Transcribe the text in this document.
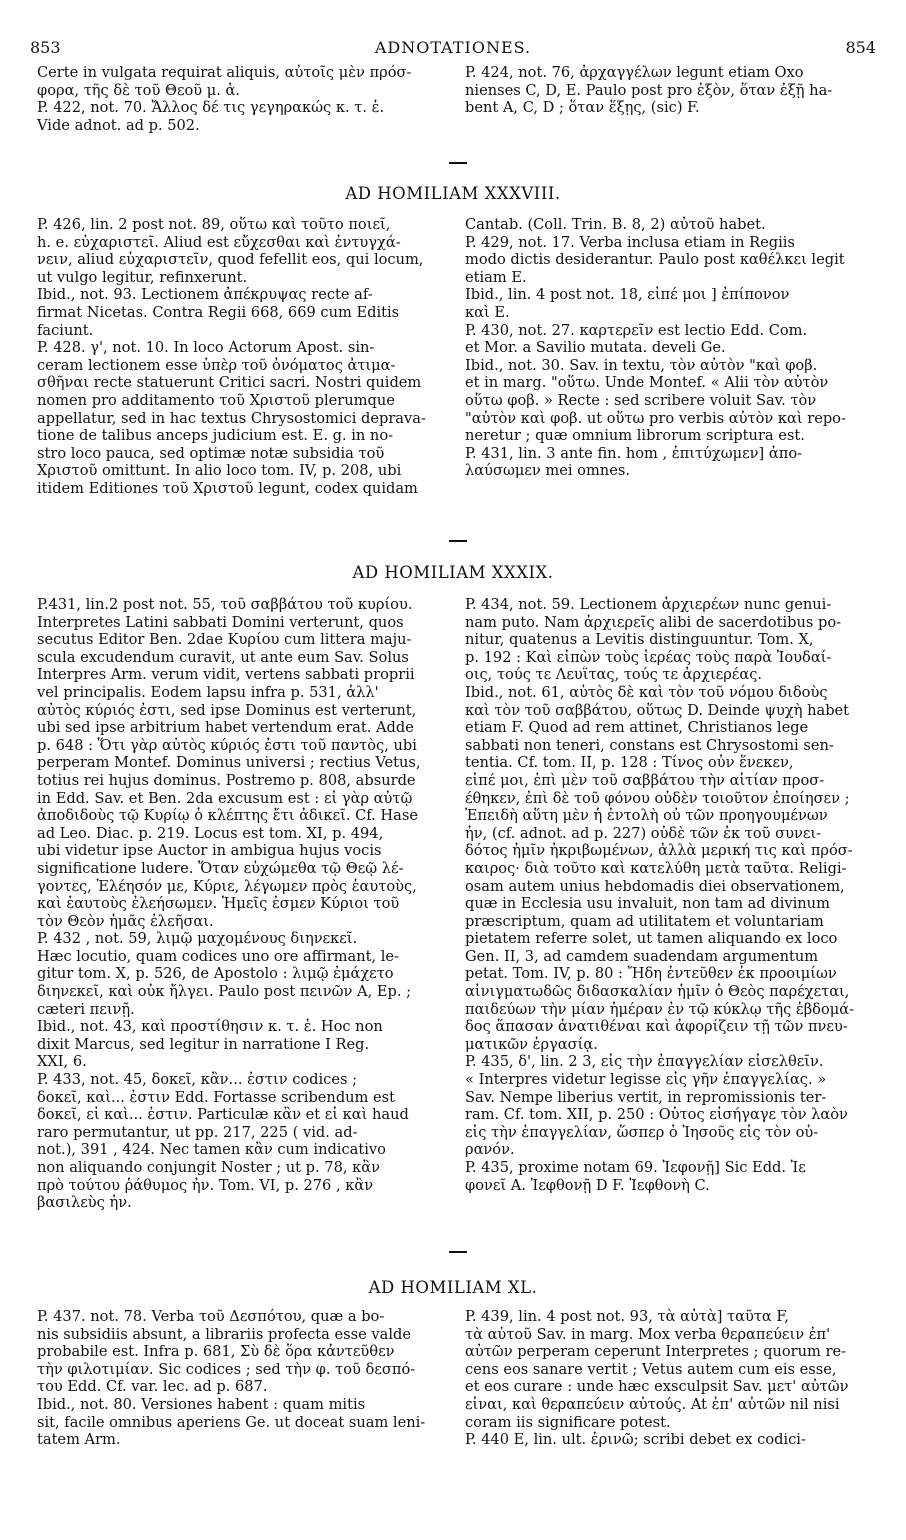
853	ADNOTATIONES.	854
Certe in vulgata requirat aliquis, αὐτοῖς μὲν πρόσ-
φορα, τῆς δὲ τοῦ Θεοῦ μ. ἀ.
P. 422, not. 70. Ἄλλος δέ τις γεγηρακώς κ. τ. ἑ.
Vide adnot. ad p. 502.
P. 424, not. 76, ἀρχαγγέλων legunt etiam Oxo
nienses C, D, E. Paulo post pro ἐξὸν, ὅταν ἐξῇ ha-
bent A, C, D ; ὅταν ἕξῃς, (sic) F.
AD HOMILIAM XXXVIII.
P. 426, lin. 2 post not. 89, οὕτω καὶ τοῦτο ποιεῖ,
h. e. εὐχαριστεῖ. Aliud est εὔχεσθαι καὶ ἐντυγχά-
νειν, aliud εὐχαριστεῖν, quod fefellit eos, qui locum,
ut vulgo legitur, refinxerunt.
Ibid., not. 93. Lectionem ἀπέκρυψας recte af-
firmat Nicetas. Contra Regii 668, 669 cum Editis
faciunt.
P. 428. γ', not. 10. In loco Actorum Apost. sin-
ceram lectionem esse ὑπὲρ τοῦ ὀνόματος ἀτιμα-
σθῆναι recte statuerunt Critici sacri. Nostri quidem
nomen pro additamento τοῦ Χριστοῦ plerumque
appellatur, sed in hac textus Chrysostomici deprava-
tione de talibus anceps judicium est. E. g. in no-
stro loco pauca, sed optimæ notæ subsidia τοῦ
Χριστοῦ omittunt. In alio loco tom. IV, p. 208, ubi
itidem Editiones τοῦ Χριστοῦ legunt, codex quidam
Cantab. (Coll. Trin. B. 8, 2) αὐτοῦ habet.
P. 429, not. 17. Verba inclusa etiam in Regiis
modo dictis desiderantur. Paulo post καθέλκει legit
etiam E.
Ibid., lin. 4 post not. 18, εἰπέ μοι ] ἐπίπονον
καὶ E.
P. 430, not. 27. καρτερεῖν est lectio Edd. Com.
et Mor. a Savilio mutata. develi Ge.
Ibid., not. 30. Sav. in textu, τὸν αὐτὸν "καὶ φοβ.
et in marg. "οὕτω. Unde Montef. « Alii τὸν αὐτὸν
οὕτω φοβ. » Recte : sed scribere voluit Sav. τὸν
"αὐτὸν καὶ φοβ. ut οὕτω pro verbis αὐτὸν καὶ repo-
neretur ; quæ omnium librorum scriptura est.
P. 431, lin. 3 ante fin. hom , ἐπιτύχωμεν] ἀπο-
λαύσωμεν mei omnes.
AD HOMILIAM XXXIX.
P.431, lin.2 post not. 55, τοῦ σαββάτου τοῦ κυρίου.
Interpretes Latini sabbati Domini verterunt, quos
secutus Editor Ben. 2dae Κυρίου cum littera maju-
scula excudendum curavit, ut ante eum Sav. Solus
Interpres Arm. verum vidit, vertens sabbati proprii
vel principalis. Eodem lapsu infra p. 531, ἀλλ'
αὐτὸς κύριός ἐστι, sed ipse Dominus est verterunt,
ubi sed ipse arbitrium habet vertendum erat. Adde
p. 648 : Ὅτι γὰρ αὐτὸς κύριός ἐστι τοῦ παντὸς, ubi
perperam Montef. Dominus universi ; rectius Vetus,
totius rei hujus dominus. Postremo p. 808, absurde
in Edd. Sav. et Ben. 2da excusum est : εἰ γὰρ αὐτῷ
ἀποδιδοὺς τῷ Κυρίῳ ὁ κλέπτης ἔτι ἀδικεῖ. Cf. Hase
ad Leo. Diac. p. 219. Locus est tom. XI, p. 494,
ubi videtur ipse Auctor in ambigua hujus vocis
significatione ludere. Ὅταν εὐχώμεθα τῷ Θεῷ λέ-
γοντες, Ἐλέησόν με, Κύριε, λέγωμεν πρὸς ἑαυτοὺς,
καὶ ἑαυτοὺς ἐλεήσωμεν. Ἡμεῖς ἐσμεν Κύριοι τοῦ
τὸν Θεὸν ἡμᾶς ἐλεῆσαι.
P. 432 , not. 59, λιμῷ μαχομένους διηνεκεῖ.
Hæc locutio, quam codices uno ore affirmant, le-
gitur tom. X, p. 526, de Apostolo : λιμῷ ἐμάχετο
διηνεκεῖ, καὶ οὐκ ἤλγει. Paulo post πεινῶν A, Ep. ;
cæteri πεινῇ.
Ibid., not. 43, καὶ προστίθησιν κ. τ. ἑ. Hoc non
dixit Marcus, sed legitur in narratione I Reg.
XXI, 6.
P. 433, not. 45, δοκεῖ, κἂν... ἐστιν codices ;
δοκεῖ, καὶ... ἐστιν Edd. Fortasse scribendum est
δοκεῖ, εἰ καὶ... ἐστιν. Particulæ κἂν et εἰ καὶ haud
raro permutantur, ut pp. 217, 225 ( vid. ad-
not.), 391 , 424. Nec tamen κἂν cum indicativo
non aliquando conjungit Noster ; ut p. 78, κἂν
πρὸ τούτου ῥάθυμος ἦν. Tom. VI, p. 276 , κἂν
βασιλεὺς ἦν.
P. 434, not. 59. Lectionem ἀρχιερέων nunc genui-
nam puto. Nam ἀρχιερεῖς alibi de sacerdotibus po-
nitur, quatenus a Levitis distinguuntur. Tom. X,
p. 192 : Καὶ εἰπὼν τοὺς ἱερέας τοὺς παρὰ Ἰουδαί-
οις, τούς τε Λευΐτας, τούς τε ἀρχιερέας.
Ibid., not. 61, αὐτὸς δὲ καὶ τὸν τοῦ νόμου διδοὺς
καὶ τὸν τοῦ σαββάτου, οὕτως D. Deinde ψυχὴ habet
etiam F. Quod ad rem attinet, Christianos lege
sabbati non teneri, constans est Chrysostomi sen-
tentia. Cf. tom. II, p. 128 : Τίνος οὖν ἕνεκεν,
εἰπέ μοι, ἐπὶ μὲν τοῦ σαββάτου τὴν αἰτίαν προσ-
έθηκεν, ἐπὶ δὲ τοῦ φόνου οὐδὲν τοιοῦτον ἐποίησεν ;
Ἐπειδὴ αὕτη μὲν ἡ ἐντολὴ οὐ τῶν προηγουμένων
ἦν, (cf. adnot. ad p. 227) οὐδὲ τῶν ἐκ τοῦ συνει-
δότος ἡμῖν ἠκριβωμένων, ἀλλὰ μερική τις καὶ πρόσ-
καιρος· διὰ τοῦτο καὶ κατελύθη μετὰ ταῦτα. Religi-
osam autem unius hebdomadis diei observationem,
quæ in Ecclesia usu invaluit, non tam ad divinum
præscriptum, quam ad utilitatem et voluntariam
pietatem referre solet, ut tamen aliquando ex loco
Gen. II, 3, ad camdem suadendam argumentum
petat. Tom. IV, p. 80 : Ἤδη ἐντεῦθεν ἐκ προοιμίων
αἰνιγματωδῶς διδασκαλίαν ἡμῖν ὁ Θεὸς παρέχεται,
παιδεύων τὴν μίαν ἡμέραν ἐν τῷ κύκλῳ τῆς ἑβδομά-
δος ἅπασαν ἀνατιθέναι καὶ ἀφορίζειν τῇ τῶν πνευ-
ματικῶν ἐργασίᾳ.
P. 435, δ', lin. 2 3, εἰς τὴν ἐπαγγελίαν εἰσελθεῖν.
« Interpres videtur legisse εἰς γῆν ἐπαγγελίας. »
Sav. Nempe liberius vertit, in repromissionis ter-
ram. Cf. tom. XII, p. 250 : Οὗτος εἰσήγαγε τὸν λαὸν
εἰς τὴν ἐπαγγελίαν, ὥσπερ ὁ Ἰησοῦς εἰς τὸν οὐ-
ρανόν.
P. 435, proxime notam 69. Ἰεφονῇ] Sic Edd. Ἰε
φονεῖ A. Ἰεφθονῇ D F. Ἰεφθονὴ C.
AD HOMILIAM XL.
P. 437. not. 78. Verba τοῦ Δεσπότου, quæ a bo-
nis subsidiis absunt, a librariis profecta esse valde
probabile est. Infra p. 681, Σὺ δὲ ὅρα κἀντεῦθεν
τὴν φιλοτιμίαν. Sic codices ; sed τὴν φ. τοῦ δεσπό-
του Edd. Cf. var. lec. ad p. 687.
Ibid., not. 80. Versiones habent : quam mitis
sit, facile omnibus aperiens Ge. ut doceat suam leni-
tatem Arm.
P. 439, lin. 4 post not. 93, τὰ αὐτὰ] ταῦτα F,
τὰ αὐτοῦ Sav. in marg. Mox verba θεραπεύειν ἐπ'
αὐτῶν perperam ceperunt Interpretes ; quorum re-
cens eos sanare vertit ; Vetus autem cum eis esse,
et eos curare : unde hæc exsculpsit Sav. μετ' αὐτῶν
εἶναι, καὶ θεραπεύειν αὐτούς. At ἐπ' αὐτῶν nil nisi
coram iis significare potest.
P. 440 E, lin. ult. ἐρινῶ; scribi debet ex codici-
